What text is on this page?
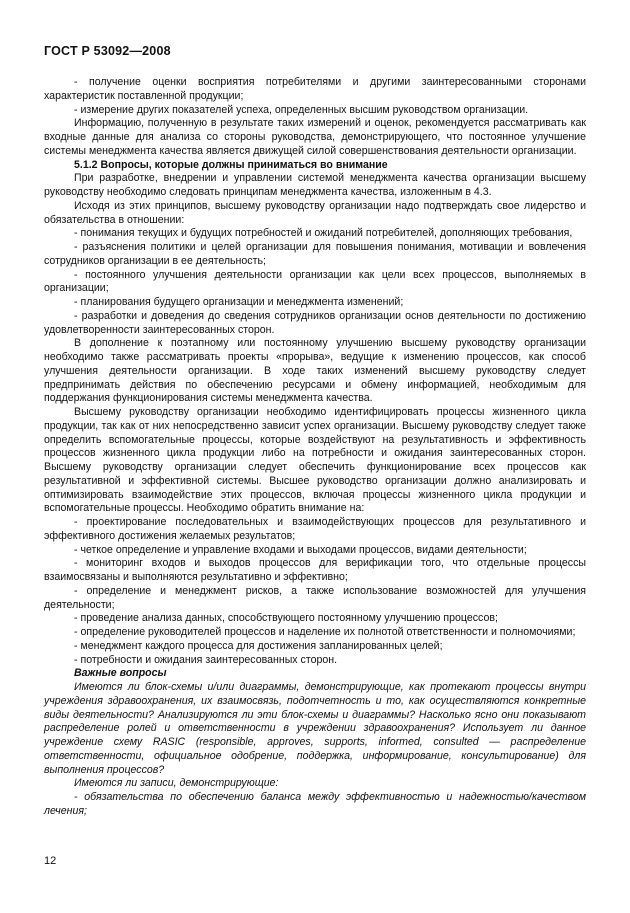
ГОСТ Р 53092—2008

- получение оценки восприятия потребителями и другими заинтересованными сторонами характеристик поставленной продукции;

- измерение других показателей успеха, определенных высшим руководством организации.

Информацию, полученную в результате таких измерений и оценок, рекомендуется рассматривать как входные данные для анализа со стороны руководства, демонстрирующего, что постоянное улучшение системы менеджмента качества является движущей силой совершенствования деятельности организации.

5.1.2 Вопросы, которые должны приниматься во внимание

При разработке, внедрении и управлении системой менеджмента качества организации высшему руководству необходимо следовать принципам менеджмента качества, изложенным в 4.3.

Исходя из этих принципов, высшему руководству организации надо подтверждать свое лидерство и обязательства в отношении:

- понимания текущих и будущих потребностей и ожиданий потребителей, дополняющих требования,

- разъяснения политики и целей организации для повышения понимания, мотивации и вовлечения сотрудников организации в ее деятельность;

- постоянного улучшения деятельности организации как цели всех процессов, выполняемых в организации;

- планирования будущего организации и менеджмента изменений;

- разработки и доведения до сведения сотрудников организации основ деятельности по достижению удовлетворенности заинтересованных сторон.

В дополнение к поэтапному или постоянному улучшению высшему руководству организации необходимо также рассматривать проекты «прорыва», ведущие к изменению процессов, как способ улучшения деятельности организации. В ходе таких изменений высшему руководству следует предпринимать действия по обеспечению ресурсами и обмену информацией, необходимым для поддержания функционирования системы менеджмента качества.

Высшему руководству организации необходимо идентифицировать процессы жизненного цикла продукции, так как от них непосредственно зависит успех организации. Высшему руководству следует также определить вспомогательные процессы, которые воздействуют на результативность и эффективность процессов жизненного цикла продукции либо на потребности и ожидания заинтересованных сторон. Высшему руководству организации следует обеспечить функционирование всех процессов как результативной и эффективной системы. Высшее руководство организации должно анализировать и оптимизировать взаимодействие этих процессов, включая процессы жизненного цикла продукции и вспомогательные процессы. Необходимо обратить внимание на:

- проектирование последовательных и взаимодействующих процессов для результативного и эффективного достижения желаемых результатов;

- четкое определение и управление входами и выходами процессов, видами деятельности;

- мониторинг входов и выходов процессов для верификации того, что отдельные процессы взаимосвязаны и выполняются результативно и эффективно;

- определение и менеджмент рисков, а также использование возможностей для улучшения деятельности;

- проведение анализа данных, способствующего постоянному улучшению процессов;

- определение руководителей процессов и наделение их полнотой ответственности и полномочиями;

- менеджмент каждого процесса для достижения запланированных целей;

- потребности и ожидания заинтересованных сторон.

Важные вопросы

Имеются ли блок-схемы и/или диаграммы, демонстрирующие, как протекают процессы внутри учреждения здравоохранения, их взаимосвязь, подотчетность и то, как осуществляются конкретные виды деятельности? Анализируются ли эти блок-схемы и диаграммы? Насколько ясно они показывают распределение ролей и ответственности в учреждении здравоохранения? Использует ли данное учреждение схему RASIC (responsible, approves, supports, informed, consulted — распределение ответственности, официальное одобрение, поддержка, информирование, консультирование) для выполнения процессов?

Имеются ли записи, демонстрирующие:

- обязательства по обеспечению баланса между эффективностью и надежностью/качеством лечения;

12
